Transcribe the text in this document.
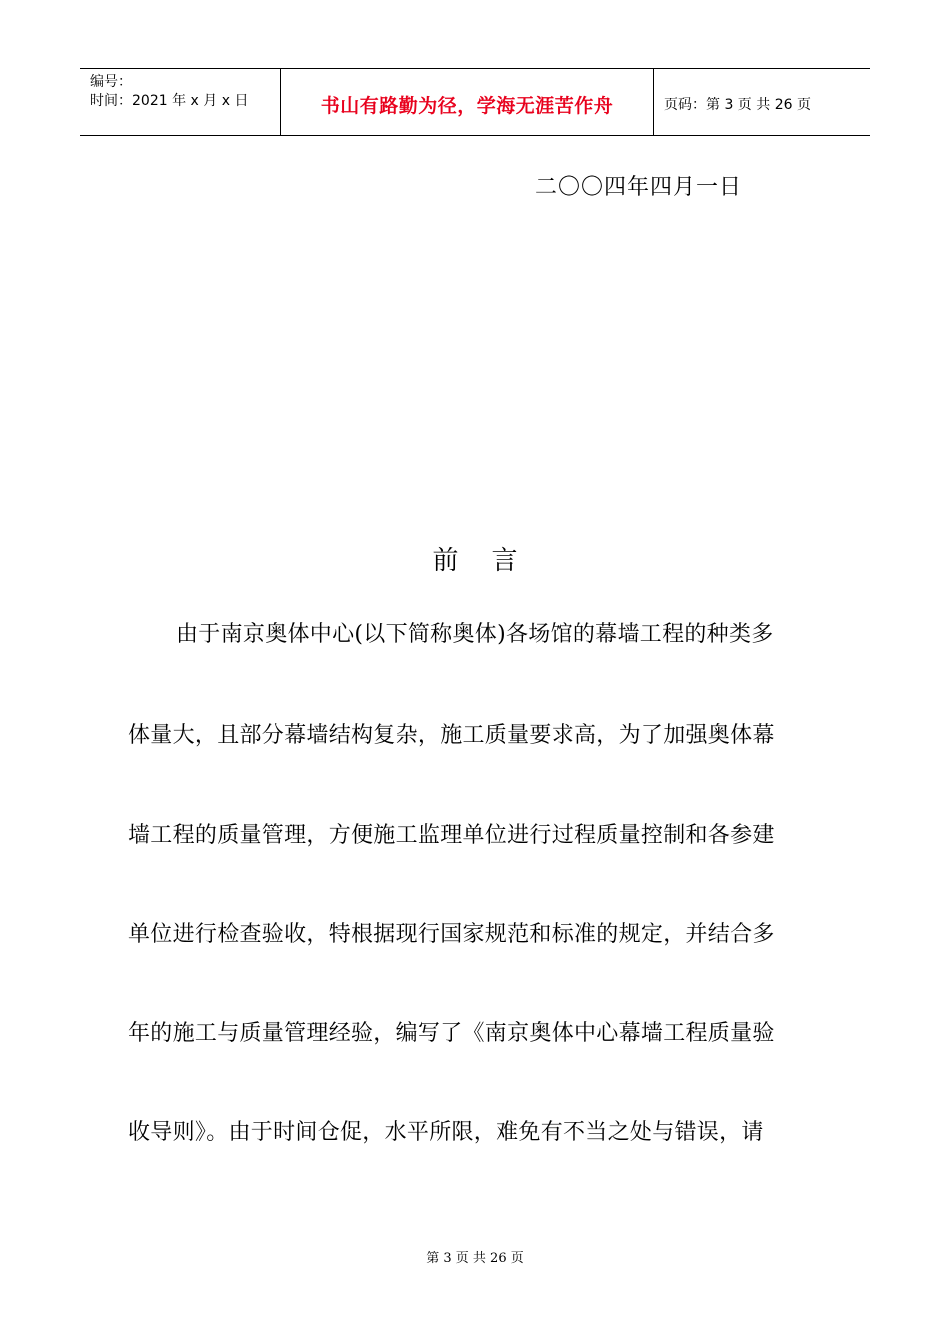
编号：
时间：2021 年 x 月 x 日	书山有路勤为径，学海无涯苦作舟	页码：第 3 页 共 26 页
二〇〇四年四月一日
前    言
由于南京奥体中心(以下简称奥体)各场馆的幕墙工程的种类多
体量大，且部分幕墙结构复杂，施工质量要求高，为了加强奥体幕
墙工程的质量管理，方便施工监理单位进行过程质量控制和各参建
单位进行检查验收，特根据现行国家规范和标准的规定，并结合多
年的施工与质量管理经验，编写了《南京奥体中心幕墙工程质量验
收导则》。由于时间仓促，水平所限，难免有不当之处与错误，请
第 3 页 共 26 页
